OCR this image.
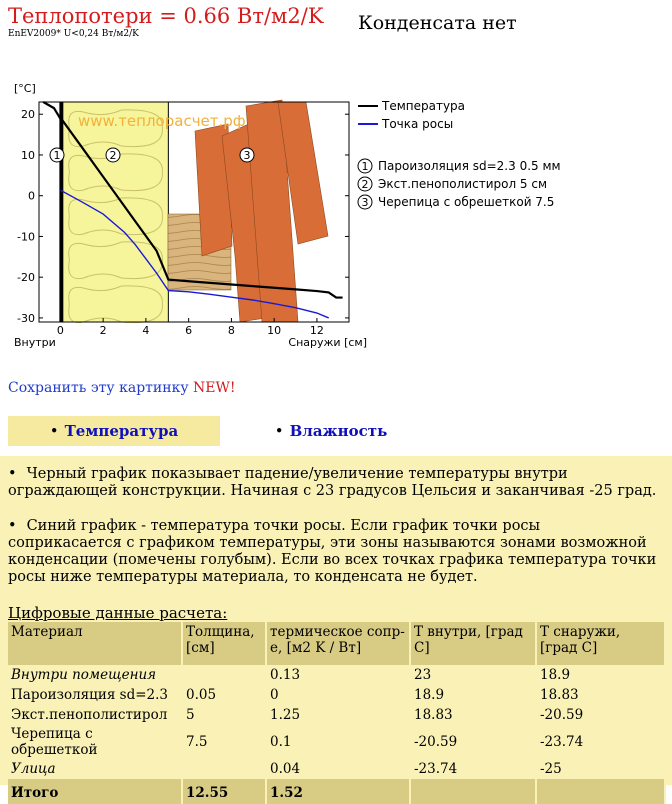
Теплопотери = 0.66 Вт/м2/K
EnEV2009* U<0,24 Вт/м2/K	Конденсата нет
www.теплорасчет.рф
1	2	3
20
10
0
-10
-20
-30
0	2	4	6	8	10	12
[°C]
Внутри	Снаружи [см]
Температура
Точка росы
1 Пароизоляция sd=2.3 0.5 мм
2 Экст.пенополистирол 5 см
3 Черепица с обрешеткой 7.5
Сохранить эту картинку NEW!
• Температура	• Влажность
• Черный график показывает падение/увеличение температуры внутри ограждающей конструкции. Начиная с 23 градусов Цельсия и заканчивая -25 град.
• Синий график - температура точки росы. Если график точки росы соприкасается с графиком температуры, эти зоны называются зонами возможной конденсации (помечены голубым). Если во всех точках графика температура точки росы ниже температуры материала, то конденсата не будет.
Цифровые данные расчета:
Материал	Толщина, [см]	термическое сопр-е, [м2 K / Вт]	T внутри, [град C]	T снаружи, [град C]

Внутри помещения		0.13	23	18.9
Пароизоляция sd=2.3	0.05	0	18.9	18.83
Экст.пенополистирол	5	1.25	18.83	-20.59
Черепица с обрешеткой	7.5	0.1	-20.59	-23.74
Улица		0.04	-23.74	-25

Итого	12.55	1.52		
